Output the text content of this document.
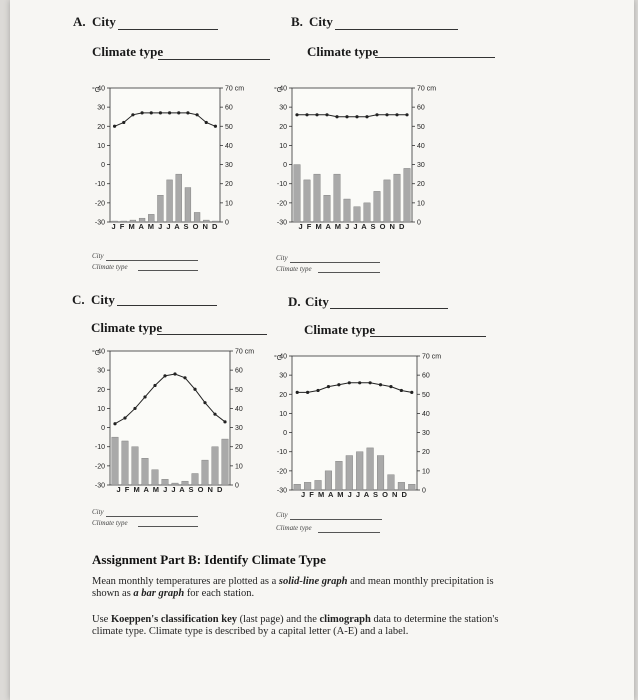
A. City
Climate type
B. City
Climate type
C. City
Climate type
D. City
Climate type
40
30
20
10
0
-10
-20
-30
°C	70 cm
60
50
40
30
20
10
0
J F M A M J J A S O N D
40
30
20
10
0
-10
-20
-30
°C	70 cm
60
50
40
30
20
10
0
J F M A M J J A S O N D
40
30
20
10
0
-10
-20
-30
°C	70 cm
60
50
40
30
20
10
0
J F M A M J J A S O N D
40
30
20
10
0
-10
-20
-30
°C	70 cm
60
50
40
30
20
10
0
J F M A M J J A S O N D
City
Climate type
City
Climate type
City
Climate type
City
Climate type
Assignment Part B: Identify Climate Type
Mean monthly temperatures are plotted as a solid-line graph and mean monthly precipitation is shown as a bar graph for each station.
Use Koeppen's classification key (last page) and the climograph data to determine the station's climate type. Climate type is described by a capital letter (A-E) and a label.
